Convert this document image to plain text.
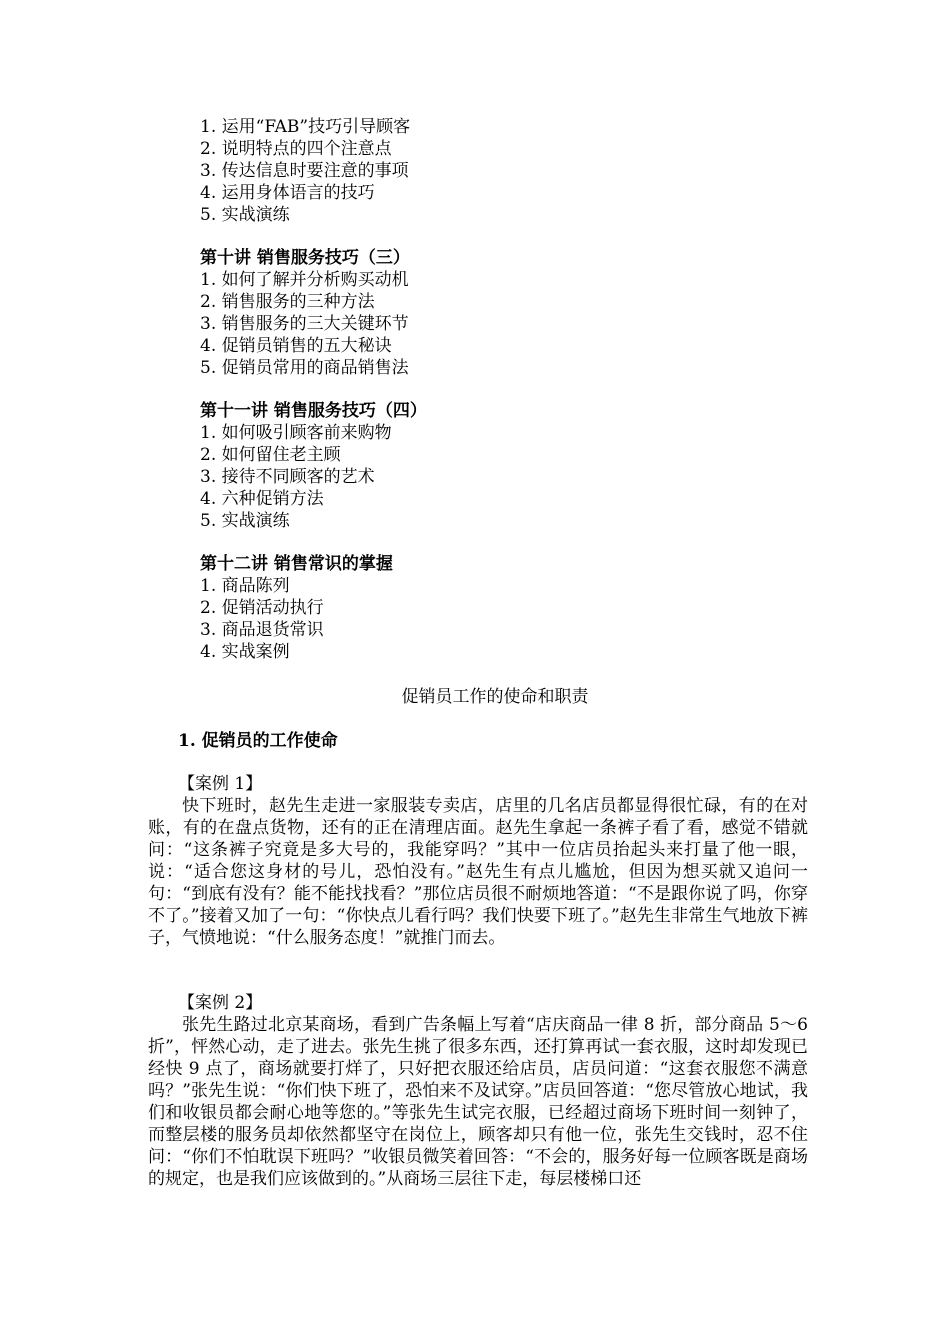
1. 运用“FAB”技巧引导顾客
2. 说明特点的四个注意点
3. 传达信息时要注意的事项
4. 运用身体语言的技巧
5. 实战演练
第十讲 销售服务技巧（三）
1. 如何了解并分析购买动机
2. 销售服务的三种方法
3. 销售服务的三大关键环节
4. 促销员销售的五大秘诀
5. 促销员常用的商品销售法
第十一讲 销售服务技巧（四）
1. 如何吸引顾客前来购物
2. 如何留住老主顾
3. 接待不同顾客的艺术
4. 六种促销方法
5. 实战演练
第十二讲 销售常识的掌握
1. 商品陈列
2. 促销活动执行
3. 商品退货常识
4. 实战案例
促销员工作的使命和职责
1. 促销员的工作使命

【案例 1】

快下班时，赵先生走进一家服装专卖店，店里的几名店员都显得很忙碌，有的在对账，有的在盘点货物，还有的正在清理店面。赵先生拿起一条裤子看了看，感觉不错就问：“这条裤子究竟是多大号的，我能穿吗？”其中一位店员抬起头来打量了他一眼，说：“适合您这身材的号儿，恐怕没有。”赵先生有点儿尴尬，但因为想买就又追问一句：“到底有没有？能不能找找看？”那位店员很不耐烦地答道：“不是跟你说了吗，你穿不了。”接着又加了一句：“你快点儿看行吗？我们快要下班了。”赵先生非常生气地放下裤子，气愤地说：“什么服务态度！”就推门而去。

【案例 2】

张先生路过北京某商场，看到广告条幅上写着“店庆商品一律 8 折，部分商品 5～6 折”，怦然心动，走了进去。张先生挑了很多东西，还打算再试一套衣服，这时却发现已经快 9 点了，商场就要打烊了，只好把衣服还给店员，店员问道：“这套衣服您不满意吗？”张先生说：“你们快下班了，恐怕来不及试穿。”店员回答道：“您尽管放心地试，我们和收银员都会耐心地等您的。”等张先生试完衣服，已经超过商场下班时间一刻钟了，而整层楼的服务员却依然都坚守在岗位上，顾客却只有他一位，张先生交钱时，忍不住问：“你们不怕耽误下班吗？”收银员微笑着回答：“不会的，服务好每一位顾客既是商场的规定，也是我们应该做到的。”从商场三层往下走，每层楼梯口还
